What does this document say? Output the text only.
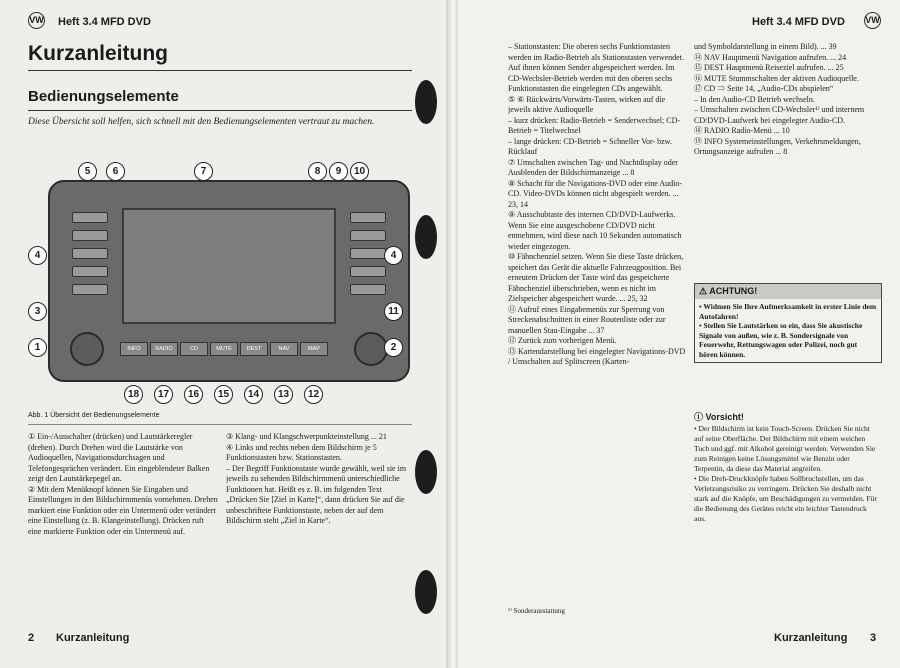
VW Heft 3.4 MFD DVD
Kurzanleitung
Bedienungselemente
Diese Übersicht soll helfen, sich schnell mit den Bedienungselementen vertraut zu machen.
INFO	RADIO	CD	MUTE	DEST	NAV	MAP
5	6	7	8	9	10
4
3
1
4
11
2
18	17	16	15	14	13	12
Abb. 1 Übersicht der Bedienungselemente
① Ein-/Ausschalter (drücken) und Lautstärkeregler (drehen). Durch Drehen wird die Lautstärke von Audioquellen, Navigationsdurchsagen und Telefongesprächen verändert. Ein eingeblendeter Balken zeigt den Lautstärkepegel an.
② Mit dem Menüknopf können Sie Eingaben und Einstellungen in den Bildschirmmenüs vornehmen. Drehen markiert eine Funktion oder ein Untermenü oder verändert eine Einstellung (z. B. Klangeinstellung). Drücken ruft eine markierte Funktion oder ein Untermenü auf.
③ Klang- und Klangschwerpunkteinstellung ... 21
④ Links und rechts neben dem Bildschirm je 5 Funktionstasten bzw. Stationstasten.
– Der Begriff Funktionstaste wurde gewählt, weil sie im jeweils zu sehenden Bildschirmmenü unterschiedliche Funktionen hat. Heißt es z. B. im folgenden Text „Drücken Sie [Ziel in Karte]“, dann drücken Sie auf die unbeschriftete Funktionstaste, neben der auf dem Bildschirm steht „Ziel in Karte“.
2 Kurzanleitung
Heft 3.4 MFD DVD VW
– Stationstasten: Die oberen sechs Funktionstasten werden im Radio-Betrieb als Stationstasten verwendet. Auf ihnen können Sender abgespeichert werden. Im CD-Wechsler-Betrieb werden mit den oberen sechs Funktionstasten die eingelegten CDs angewählt.
⑤ ⑥ Rückwärts/Vorwärts-Tasten, wirken auf die jeweils aktive Audioquelle
– kurz drücken: Radio-Betrieb = Senderwechsel; CD-Betrieb = Titelwechsel
– lange drücken: CD-Betrieb = Schneller Vor- bzw. Rücklauf
⑦ Umschalten zwischen Tag- und Nachtdisplay oder Ausblenden der Bildschirmanzeige ... 8
⑧ Schacht für die Navigations-DVD oder eine Audio-CD. Video-DVDs können nicht abgespielt werden. ... 23, 14
⑨ Ausschubtaste des internen CD/DVD-Laufwerks. Wenn Sie eine ausgeschobene CD/DVD nicht entnehmen, wird diese nach 10 Sekunden automatisch wieder eingezogen.
⑩ Fähnchenziel setzen. Wenn Sie diese Taste drücken, speichert das Gerät die aktuelle Fahrzeugposition. Bei erneutem Drücken der Taste wird das gespeicherte Fähnchenziel überschrieben, wenn es nicht im Zielspeicher abgespeichert wurde. ... 25, 32
⑪ Aufruf eines Eingabemenüs zur Sperrung von Streckenabschnitten in einer Routenliste oder zur manuellen Stau-Eingabe ... 37
⑫ Zurück zum vorherigen Menü.
⑬ Kartendarstellung bei eingelegter Navigations-DVD / Umschalten auf Splitscreen (Karten-
und Symboldarstellung in einem Bild). ... 39
⑭ NAV Hauptmenü Navigation aufrufen. ... 24
⑮ DEST Hauptmenü Reiseziel aufrufen. ... 25
⑯ MUTE Stummschalten der aktiven Audioquelle.
⑰ CD ⇒ Seite 14, „Audio-CDs abspielen“
– In den Audio-CD Betrieb wechseln.
– Umschalten zwischen CD-Wechsler¹⁾ und internem CD/DVD-Laufwerk bei eingelegter Audio-CD.
⑱ RADIO Radio-Menü ... 10
⑲ INFO Systemeinstellungen, Verkehrsmeldungen, Ortungsanzeige aufrufen ... 8
¹⁾ Sonderausstattung
Kurzanleitung 3
⚠ ACHTUNG!
• Widmen Sie Ihre Aufmerksamkeit in erster Linie dem Autofahren!
• Stellen Sie Lautstärken so ein, dass Sie akustische Signale von außen, wie z. B. Sondersignale von Feuerwehr, Rettungswagen oder Polizei, noch gut hören können.
ⓘ Vorsicht!
• Der Bildschirm ist kein Touch-Screen. Drücken Sie nicht auf seine Oberfläche. Der Bildschirm mit einem weichen Tuch und ggf. mit Alkohol gereinigt werden. Verwenden Sie zum Reinigen keine Lösungsmittel wie Benzin oder Terpentin, da diese das Material angreifen.
• Die Dreh-Druckknöpfe haben Sollbruchstellen, um das Verletzungsrisiko zu verringern. Drücken Sie deshalb nicht stark auf die Knöpfe, um Beschädigungen zu vermeiden. Für die Bedienung des Gerätes reicht ein leichter Tastendruck aus.
